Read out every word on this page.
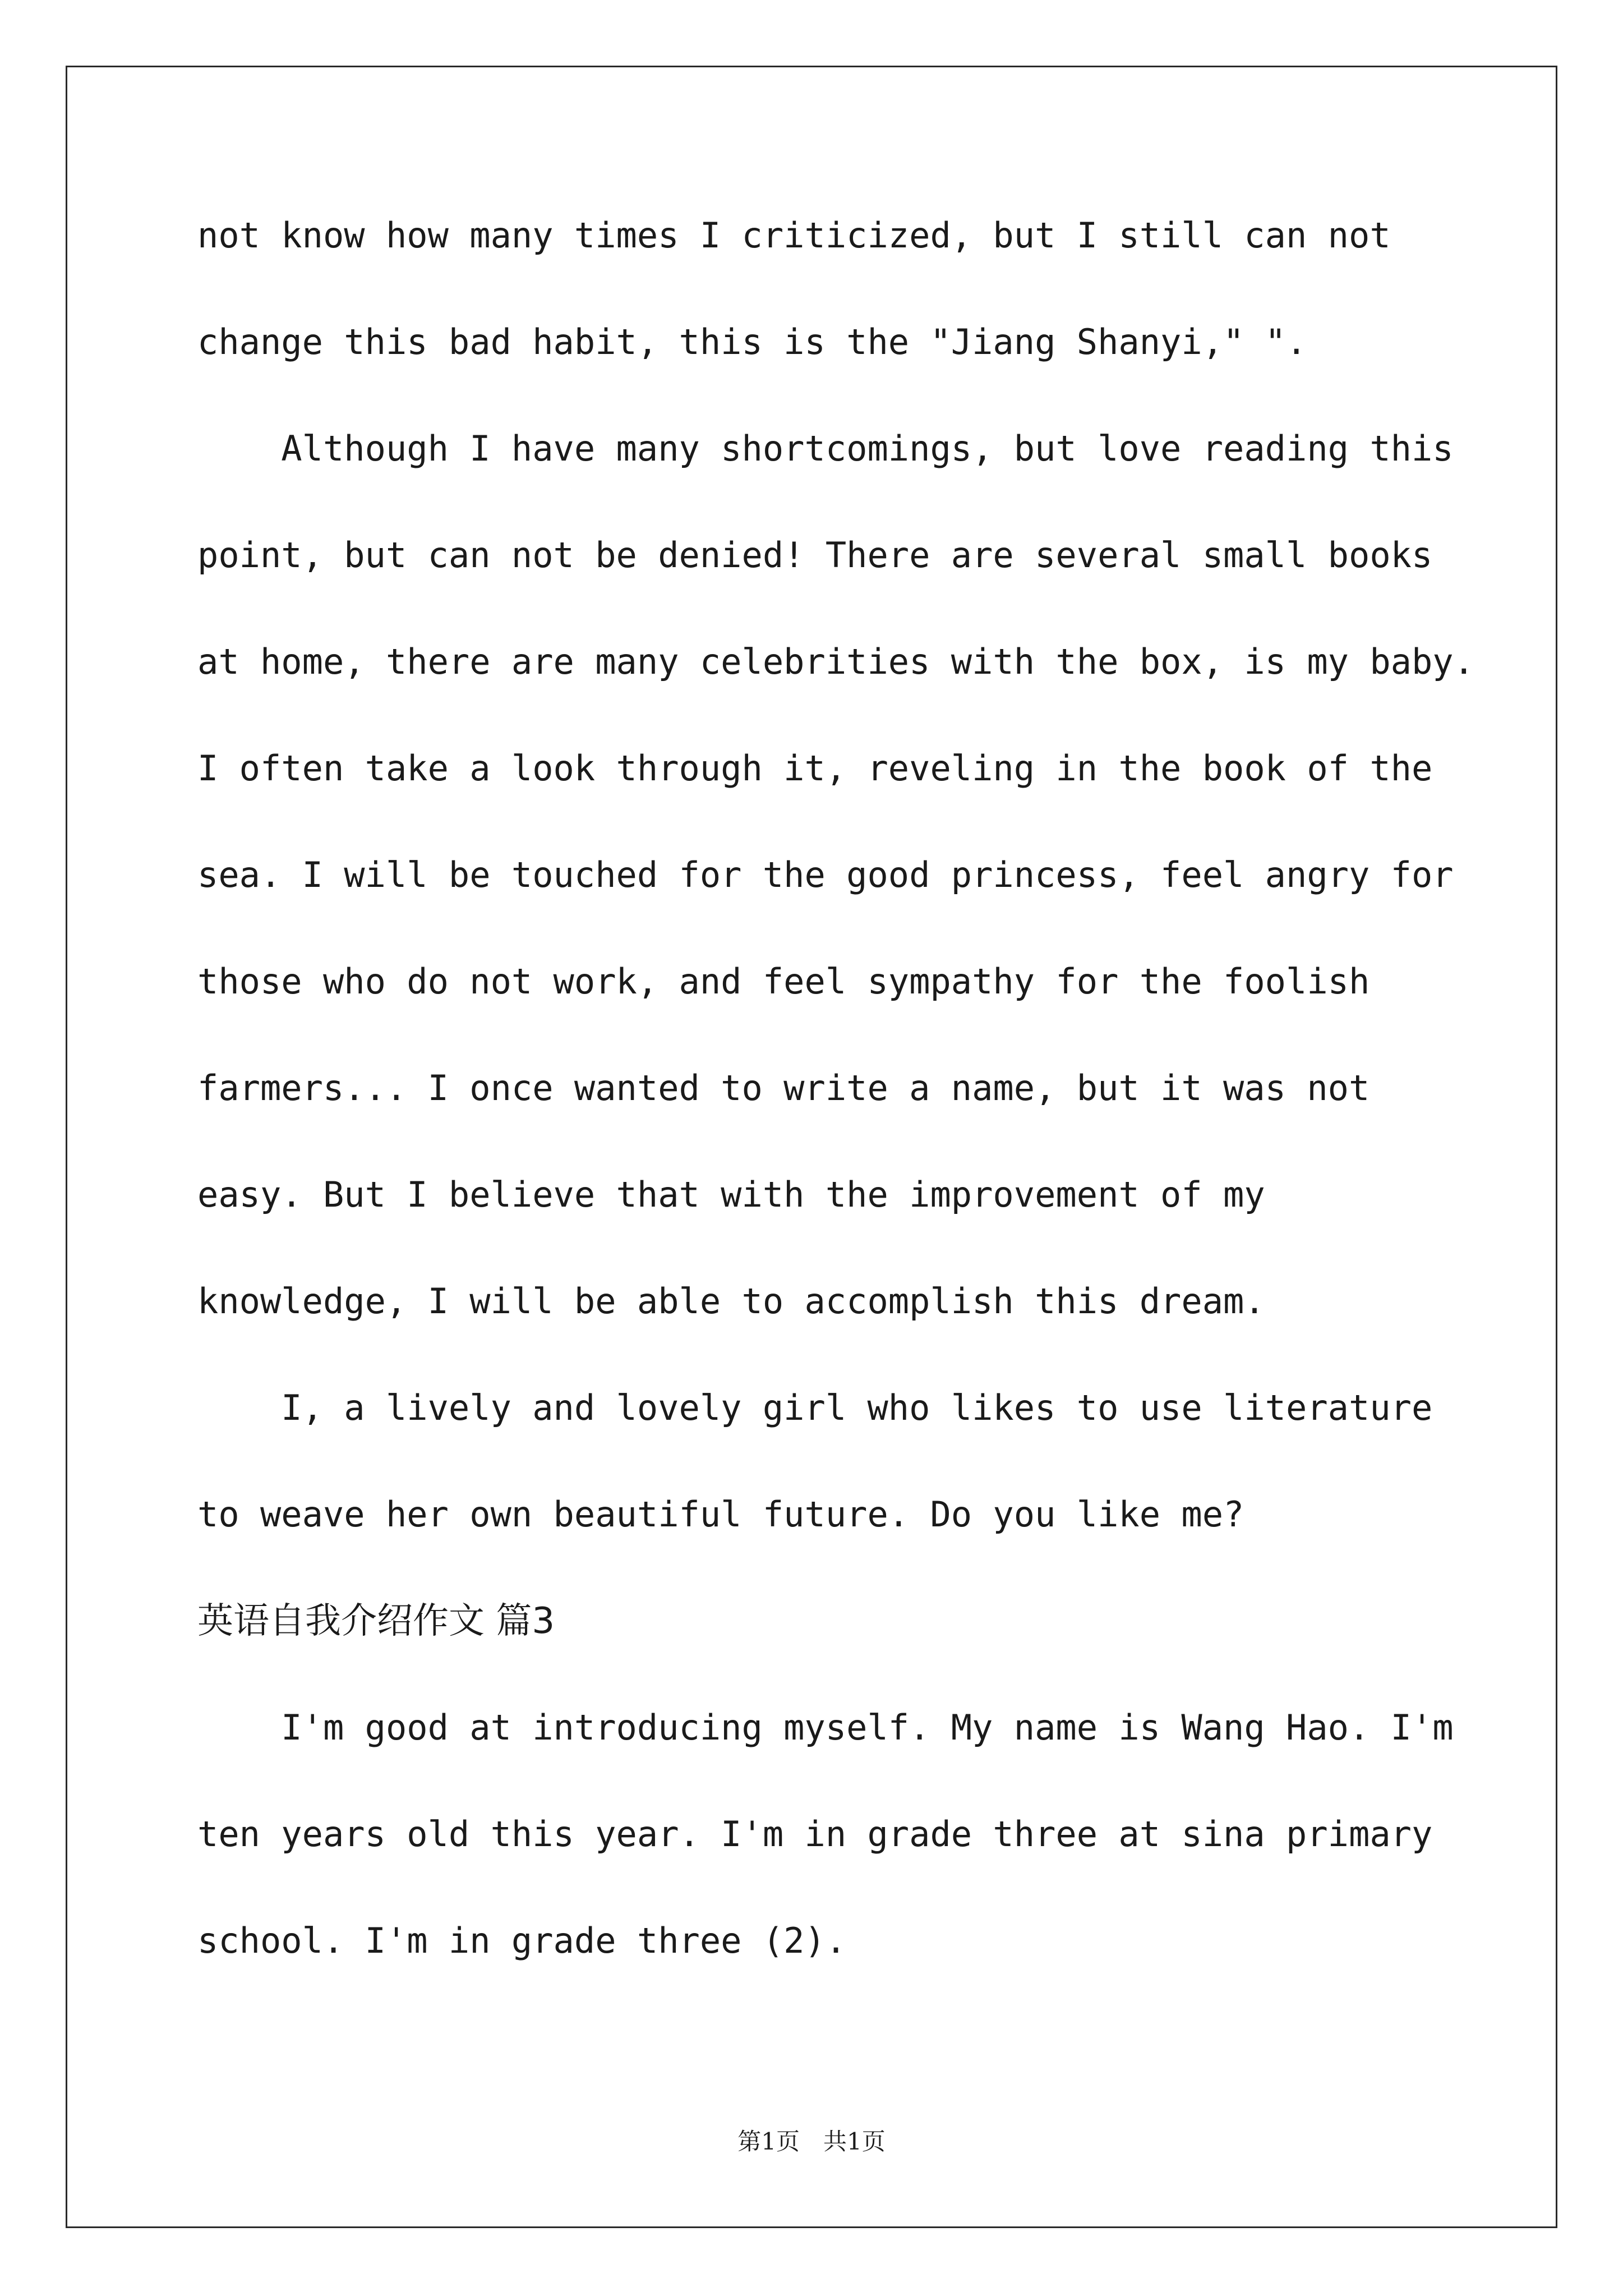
not know how many times I criticized, but I still can not
change this bad habit, this is the "Jiang Shanyi," ".
Although I have many shortcomings, but love reading this
point, but can not be denied! There are several small books
at home, there are many celebrities with the box, is my baby.
I often take a look through it, reveling in the book of the
sea. I will be touched for the good princess, feel angry for
those who do not work, and feel sympathy for the foolish
farmers... I once wanted to write a name, but it was not
easy. But I believe that with the improvement of my
knowledge, I will be able to accomplish this dream.
I, a lively and lovely girl who likes to use literature
to weave her own beautiful future. Do you like me?
英语自我介绍作文 篇3
I'm good at introducing myself. My name is Wang Hao. I'm
ten years old this year. I'm in grade three at sina primary
school. I'm in grade three (2).
第1页　共1页
